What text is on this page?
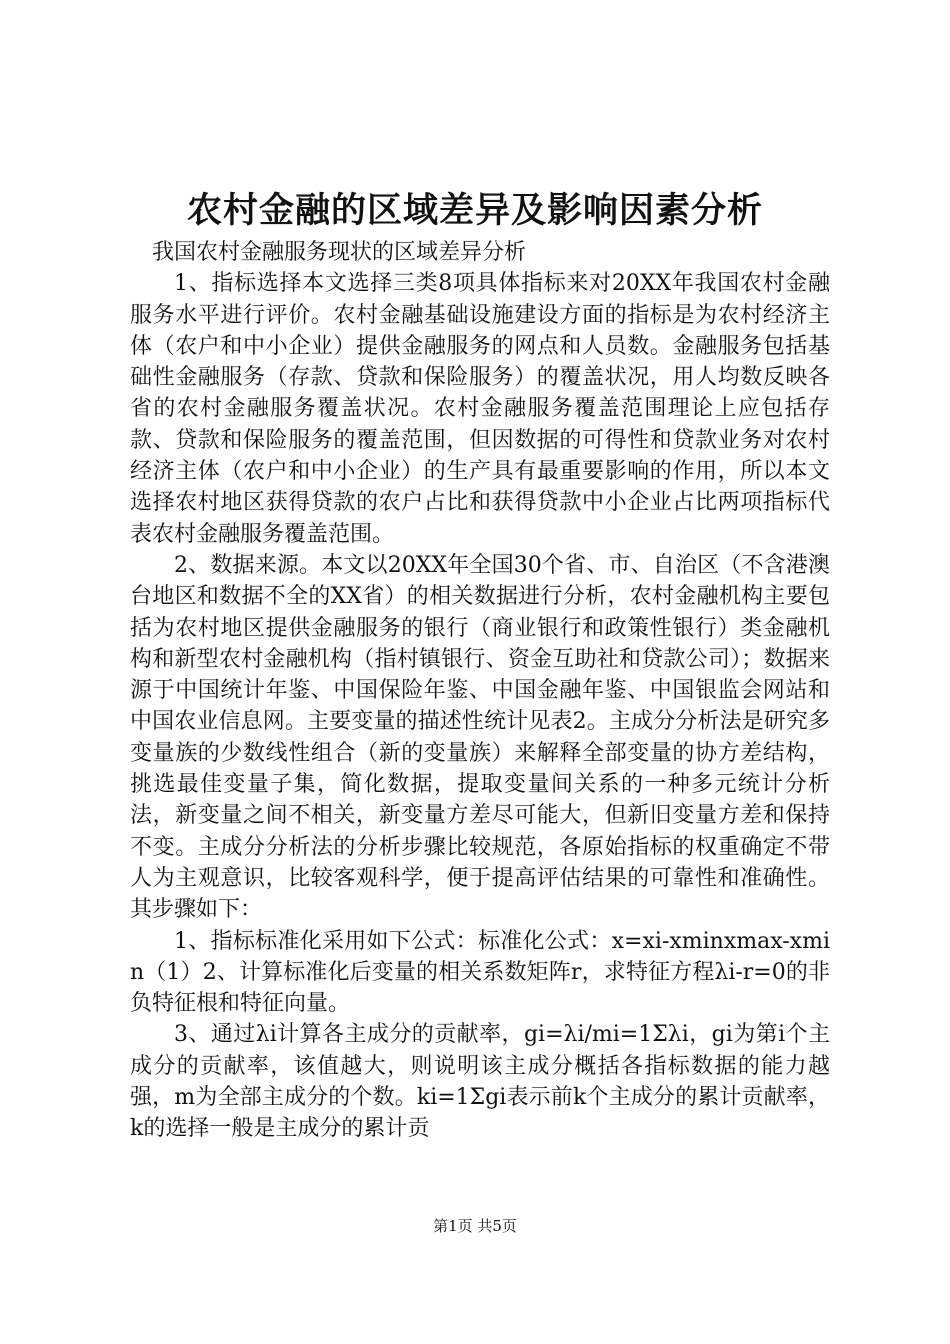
农村金融的区域差异及影响因素分析

我国农村金融服务现状的区域差异分析

1、指标选择本文选择三类8项具体指标来对20XX年我国农村金融服务水平进行评价。农村金融基础设施建设方面的指标是为农村经济主体（农户和中小企业）提供金融服务的网点和人员数。金融服务包括基础性金融服务（存款、贷款和保险服务）的覆盖状况，用人均数反映各省的农村金融服务覆盖状况。农村金融服务覆盖范围理论上应包括存款、贷款和保险服务的覆盖范围，但因数据的可得性和贷款业务对农村经济主体（农户和中小企业）的生产具有最重要影响的作用，所以本文选择农村地区获得贷款的农户占比和获得贷款中小企业占比两项指标代表农村金融服务覆盖范围。

2、数据来源。本文以20XX年全国30个省、市、自治区（不含港澳台地区和数据不全的XX省）的相关数据进行分析，农村金融机构主要包括为农村地区提供金融服务的银行（商业银行和政策性银行）类金融机构和新型农村金融机构（指村镇银行、资金互助社和贷款公司）；数据来源于中国统计年鉴、中国保险年鉴、中国金融年鉴、中国银监会网站和中国农业信息网。主要变量的描述性统计见表2。主成分分析法是研究多变量族的少数线性组合（新的变量族）来解释全部变量的协方差结构，挑选最佳变量子集，简化数据，提取变量间关系的一种多元统计分析法，新变量之间不相关，新变量方差尽可能大，但新旧变量方差和保持不变。主成分分析法的分析步骤比较规范，各原始指标的权重确定不带人为主观意识，比较客观科学，便于提高评估结果的可靠性和准确性。其步骤如下：

1、指标标准化采用如下公式：标准化公式：x=xi-xminxmax-xmin（1）2、计算标准化后变量的相关系数矩阵r，求特征方程λi-r=0的非负特征根和特征向量。

3、通过λi计算各主成分的贡献率，gi=λi/mi=1Σλi，gi为第i个主成分的贡献率，该值越大，则说明该主成分概括各指标数据的能力越强，m为全部主成分的个数。ki=1Σgi表示前k个主成分的累计贡献率，k的选择一般是主成分的累计贡

第1页 共5页
